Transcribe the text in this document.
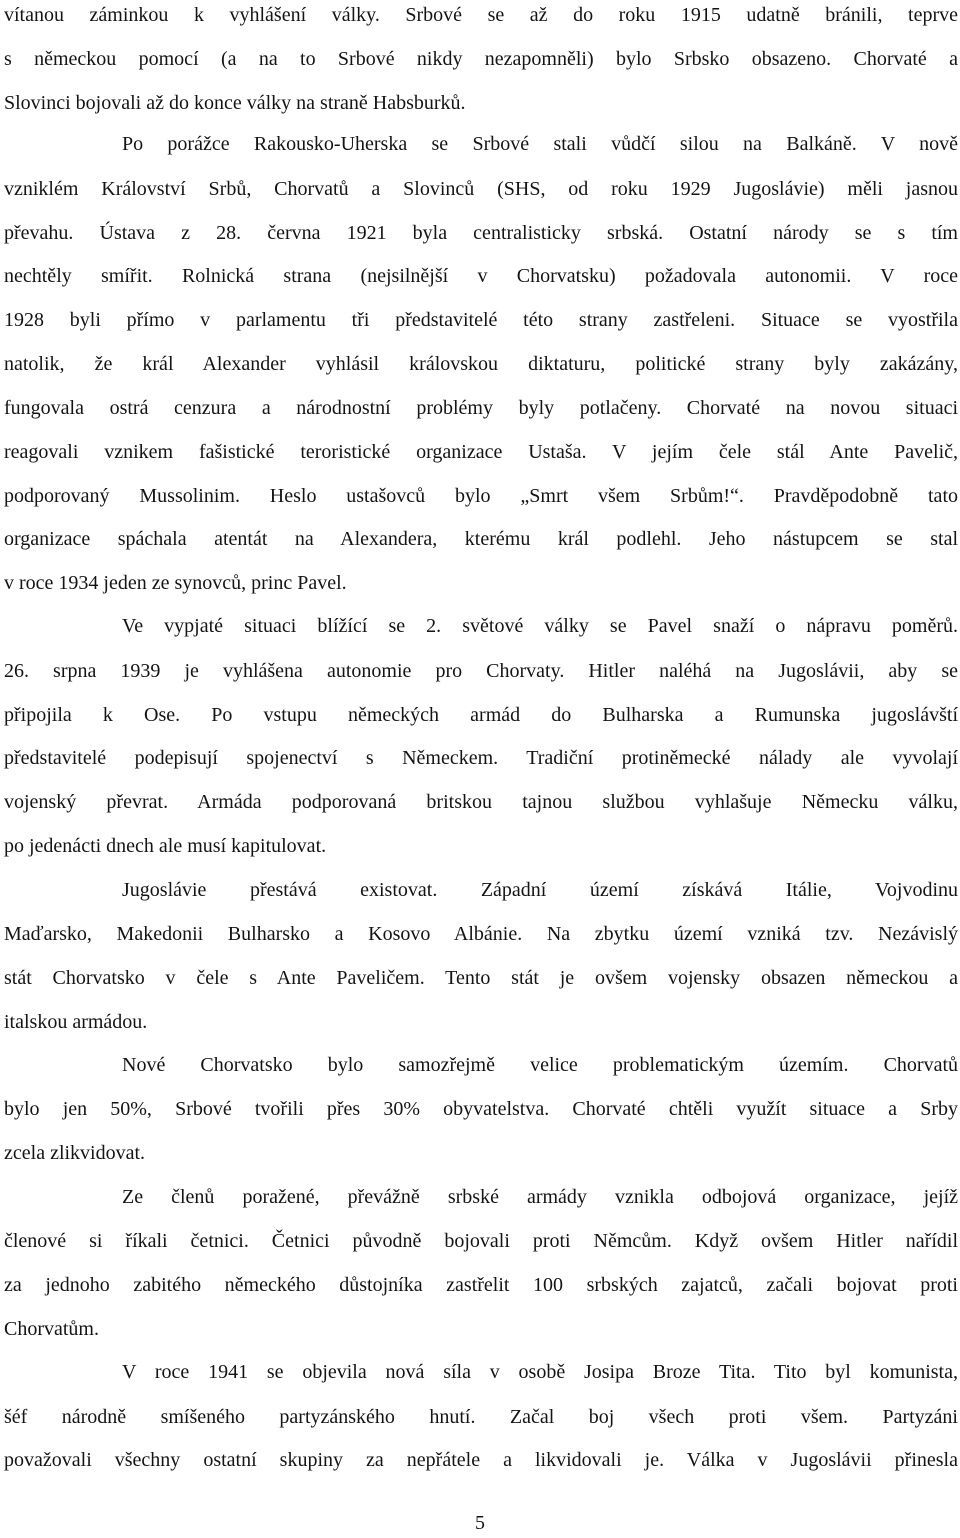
vítanou záminkou k vyhlášení války. Srbové se až do roku 1915 udatně bránili, teprve
s německou pomocí (a na to Srbové nikdy nezapomněli) bylo Srbsko obsazeno. Chorvaté a
Slovinci bojovali až do konce války na straně Habsburků.
Po porážce Rakousko-Uherska se Srbové stali vůdčí silou na Balkáně. V nově
vzniklém Království Srbů, Chorvatů a Slovinců (SHS, od roku 1929 Jugoslávie) měli jasnou
převahu. Ústava z 28. června 1921 byla centralisticky srbská. Ostatní národy se s tím
nechtěly smířit. Rolnická strana (nejsilnější v Chorvatsku) požadovala autonomii. V roce
1928 byli přímo v parlamentu tři představitelé této strany zastřeleni. Situace se vyostřila
natolik, že král Alexander vyhlásil královskou diktaturu, politické strany byly zakázány,
fungovala ostrá cenzura a národnostní problémy byly potlačeny. Chorvaté na novou situaci
reagovali vznikem fašistické teroristické organizace Ustaša. V jejím čele stál Ante Pavelič,
podporovaný Mussolinim. Heslo ustašovců bylo „Smrt všem Srbům!“. Pravděpodobně tato
organizace spáchala atentát na Alexandera, kterému král podlehl. Jeho nástupcem se stal
v roce 1934 jeden ze synovců, princ Pavel.
Ve vypjaté situaci blížící se 2. světové války se Pavel snaží o nápravu poměrů.
26. srpna 1939 je vyhlášena autonomie pro Chorvaty. Hitler naléhá na Jugoslávii, aby se
připojila k Ose. Po vstupu německých armád do Bulharska a Rumunska jugoslávští
představitelé podepisují spojenectví s Německem. Tradiční protiněmecké nálady ale vyvolají
vojenský převrat. Armáda podporovaná britskou tajnou službou vyhlašuje Německu válku,
po jedenácti dnech ale musí kapitulovat.
Jugoslávie přestává existovat. Západní území získává Itálie, Vojvodinu
Maďarsko, Makedonii Bulharsko a Kosovo Albánie. Na zbytku území vzniká tzv. Nezávislý
stát Chorvatsko v čele s Ante Paveličem. Tento stát je ovšem vojensky obsazen německou a
italskou armádou.
Nové Chorvatsko bylo samozřejmě velice problematickým územím. Chorvatů
bylo jen 50%, Srbové tvořili přes 30% obyvatelstva. Chorvaté chtěli využít situace a Srby
zcela zlikvidovat.
Ze členů poražené, převážně srbské armády vznikla odbojová organizace, jejíž
členové si říkali četnici. Četnici původně bojovali proti Němcům. Když ovšem Hitler nařídil
za jednoho zabitého německého důstojníka zastřelit 100 srbských zajatců, začali bojovat proti
Chorvatům.
V roce 1941 se objevila nová síla v osobě Josipa Broze Tita. Tito byl komunista,
šéf národně smíšeného partyzánského hnutí. Začal boj všech proti všem. Partyzáni
považovali všechny ostatní skupiny za nepřátele a likvidovali je. Válka v Jugoslávii přinesla
5
